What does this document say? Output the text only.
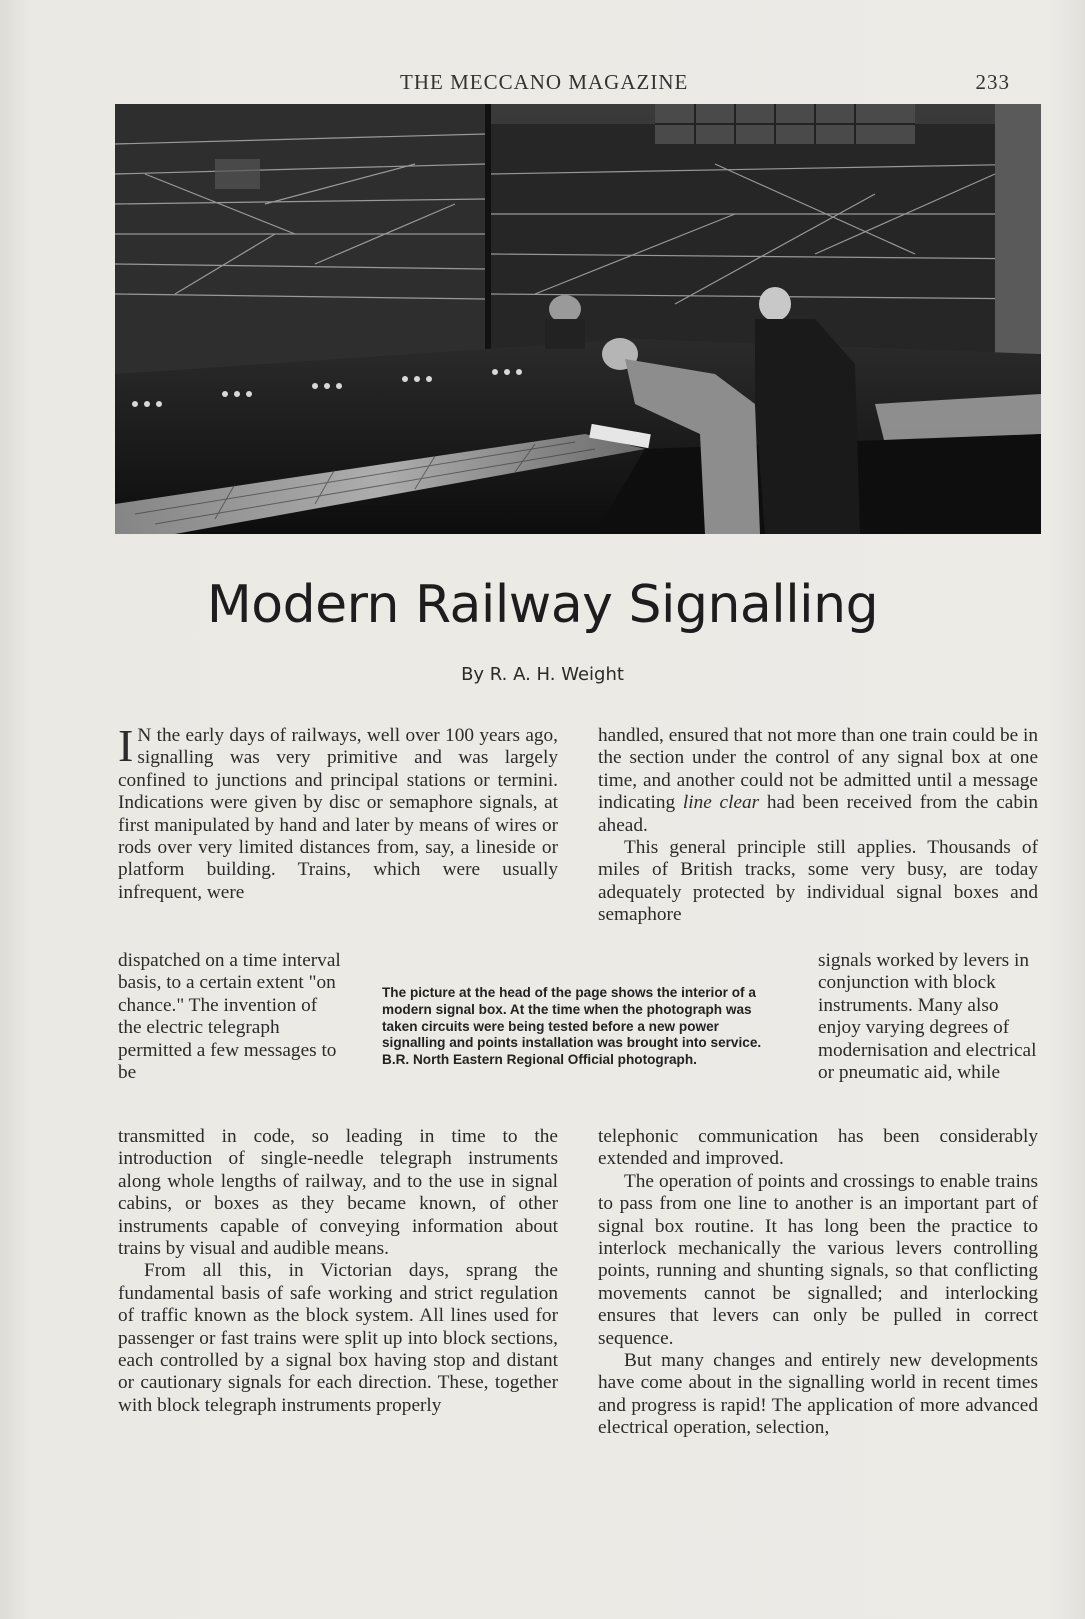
THE MECCANO MAGAZINE	233
Modern Railway Signalling
By R. A. H. Weight

I N the early days of railways, well over 100 years ago, signalling was very primitive and was largely confined to junctions and principal stations or termini. Indications were given by disc or semaphore signals, at first manipulated by hand and later by means of wires or rods over very limited distances from, say, a lineside or platform building. Trains, which were usually infrequent, were

dispatched on a time interval basis, to a certain extent "on chance." The invention of the electric telegraph permitted a few messages to be

The picture at the head of the page shows the interior of a modern signal box. At the time when the photograph was taken circuits were being tested before a new power signalling and points installation was brought into service. B.R. North Eastern Regional Official photograph.

transmitted in code, so leading in time to the introduction of single-needle telegraph instruments along whole lengths of railway, and to the use in signal cabins, or boxes as they became known, of other instruments capable of conveying information about trains by visual and audible means.

From all this, in Victorian days, sprang the fundamental basis of safe working and strict regulation of traffic known as the block system. All lines used for passenger or fast trains were split up into block sections, each controlled by a signal box having stop and distant or cautionary signals for each direction. These, together with block telegraph instruments properly

handled, ensured that not more than one train could be in the section under the control of any signal box at one time, and another could not be admitted until a message indicating line clear had been received from the cabin ahead.

This general principle still applies. Thousands of miles of British tracks, some very busy, are today adequately protected by individual signal boxes and semaphore

signals worked by levers in conjunction with block instruments. Many also enjoy varying degrees of modernisation and electrical or pneumatic aid, while

telephonic communication has been considerably extended and improved.

The operation of points and crossings to enable trains to pass from one line to another is an important part of signal box routine. It has long been the practice to interlock mechanically the various levers controlling points, running and shunting signals, so that conflicting movements cannot be signalled; and interlocking ensures that levers can only be pulled in correct sequence.

But many changes and entirely new developments have come about in the signalling world in recent times and progress is rapid! The application of more advanced electrical operation, selection,
